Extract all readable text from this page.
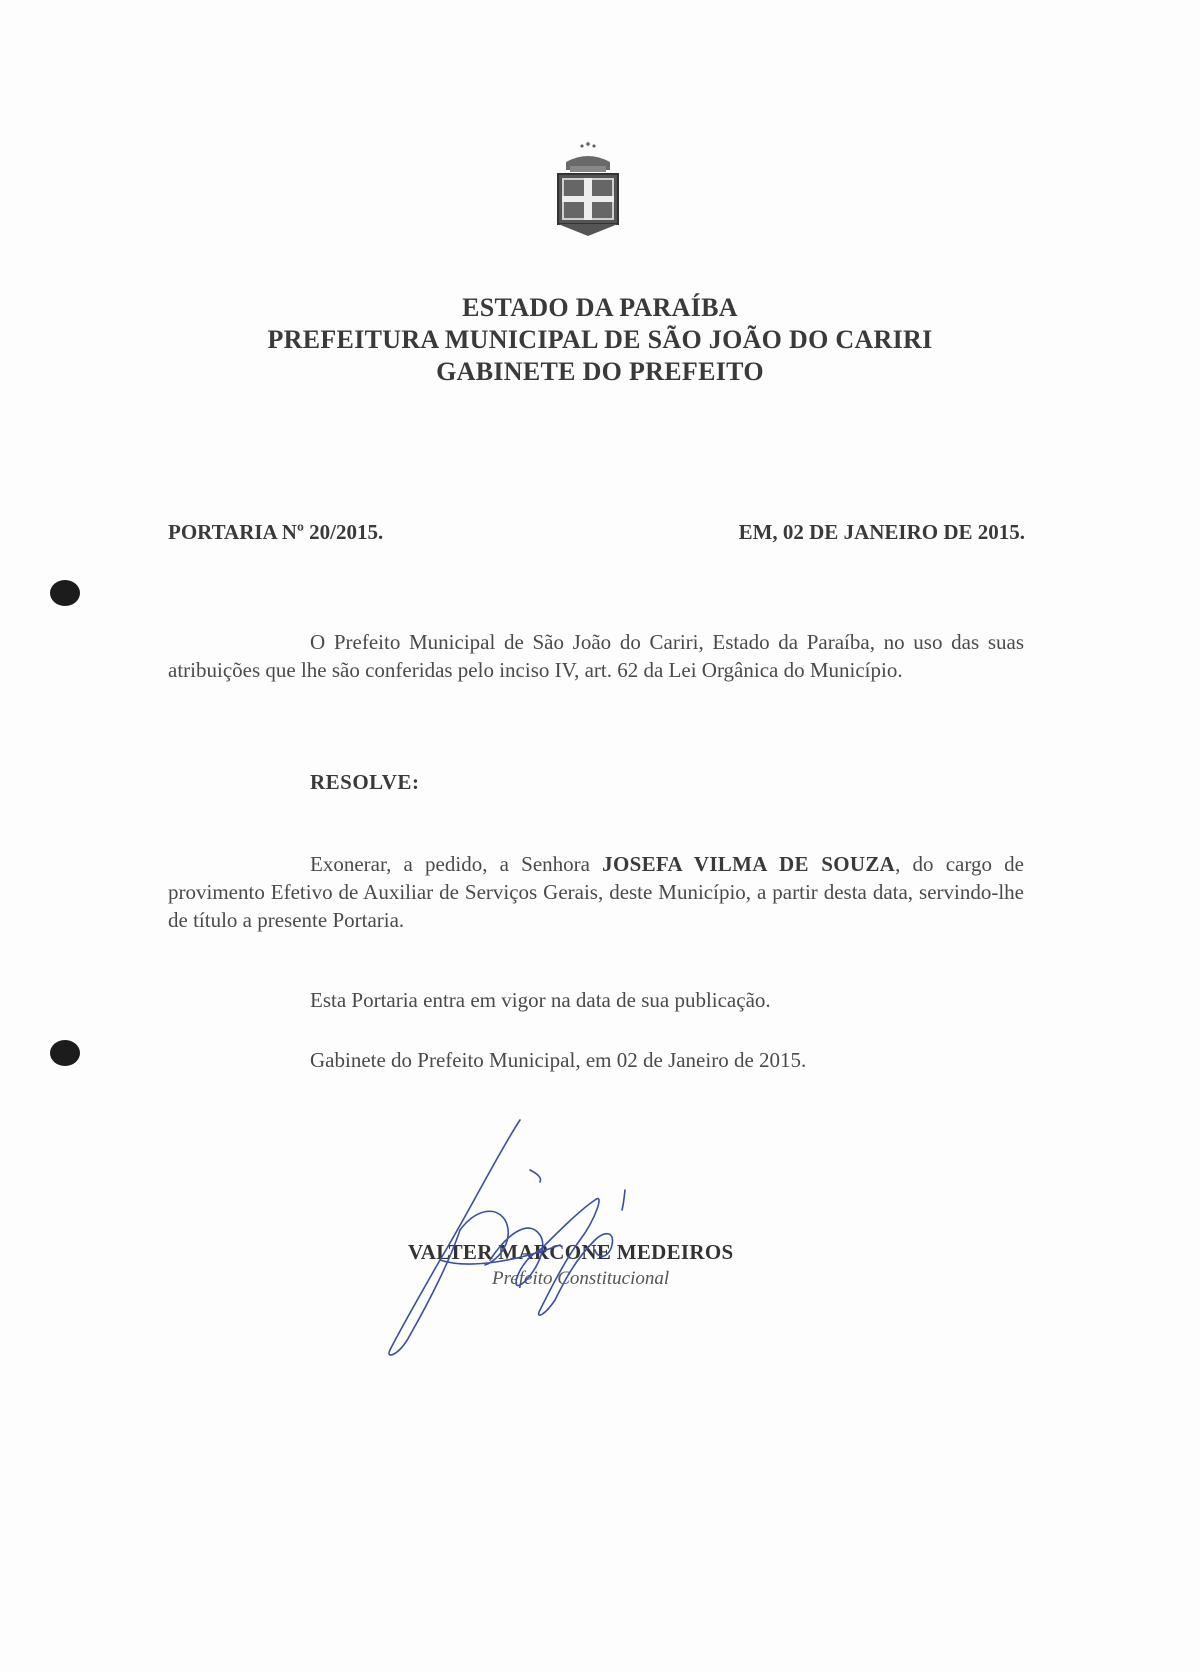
ESTADO DA PARAÍBA
PREFEITURA MUNICIPAL DE SÃO JOÃO DO CARIRI
GABINETE DO PREFEITO
PORTARIA Nº 20/2015.	EM, 02 DE JANEIRO DE 2015.
O Prefeito Municipal de São João do Cariri, Estado da Paraíba, no uso das suas atribuições que lhe são conferidas pelo inciso IV, art. 62 da Lei Orgânica do Município.
RESOLVE:
Exonerar, a pedido, a Senhora JOSEFA VILMA DE SOUZA, do cargo de provimento Efetivo de Auxiliar de Serviços Gerais, deste Município, a partir desta data, servindo-lhe de título a presente Portaria.
Esta Portaria entra em vigor na data de sua publicação.
Gabinete do Prefeito Municipal, em 02 de Janeiro de 2015.
VALTER MARCONE MEDEIROS
Prefeito Constitucional
